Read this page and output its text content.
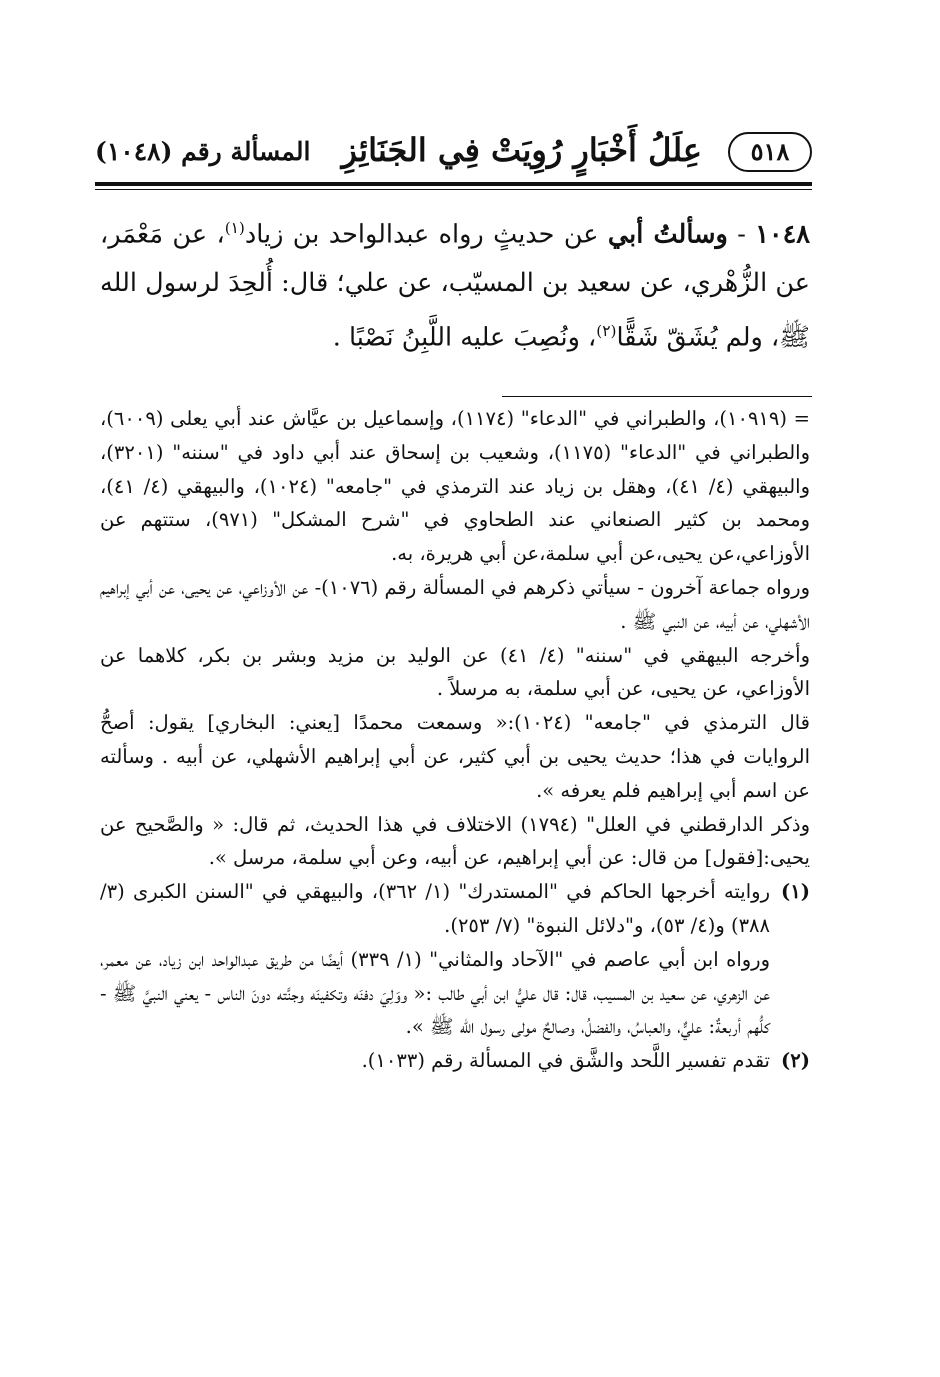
٥١٨
عِلَلُ أَخْبَارٍ رُوِيَتْ فِي الجَنَائِزِ
المسألة رقم (١٠٤٨)

١٠٤٨ - وسألتُ أبي عن حديثٍ رواه عبدالواحد بن زياد$^{(١)}$، عن مَعْمَر، عن الزُّهْري، عن سعيد بن المسيّب، عن علي؛ قال: أُلحِدَ لرسول الله ﷺ، ولم يُشَقّ شَقًّا$^{(٢)}$، ونُصِبَ عليه اللَّبِنُ نَصْبًا .

= (١٠٩١٩)، والطبراني في "الدعاء" (١١٧٤)، وإسماعيل بن عيَّاش عند أبي يعلى (٦٠٠٩)، والطبراني في "الدعاء" (١١٧٥)، وشعيب بن إسحاق عند أبي داود في "سننه" (٣٢٠١)، والبيهقي (٤/ ٤١)، وهقل بن زياد عند الترمذي في "جامعه" (١٠٢٤)، والبيهقي (٤/ ٤١)، ومحمد بن كثير الصنعاني عند الطحاوي في "شرح المشكل" (٩٧١)، ستتهم عن الأوزاعي،عن يحيى،عن أبي سلمة،عن أبي هريرة، به.

ورواه جماعة آخرون - سيأتي ذكرهم في المسألة رقم (١٠٧٦)- عن الأوزاعي، عن يحيى، عن أبي إبراهيم الأشهلي، عن أبيه، عن النبي ﷺ .

وأخرجه البيهقي في "سننه" (٤/ ٤١) عن الوليد بن مزيد وبشر بن بكر، كلاهما عن الأوزاعي، عن يحيى، عن أبي سلمة، به مرسلاً .

قال الترمذي في "جامعه" (١٠٢٤):« وسمعت محمدًا [يعني: البخاري] يقول: أصحُّ الروايات في هذا؛ حديث يحيى بن أبي كثير، عن أبي إبراهيم الأشهلي، عن أبيه . وسألته عن اسم أبي إبراهيم فلم يعرفه ».

وذكر الدارقطني في العلل" (١٧٩٤) الاختلاف في هذا الحديث، ثم قال: « والصَّحيح عن يحيى:[فقول] من قال: عن أبي إبراهيم، عن أبيه، وعن أبي سلمة، مرسل ».

(١)
روايته أخرجها الحاكم في "المستدرك" (١/ ٣٦٢)، والبيهقي في "السنن الكبرى (٣/ ٣٨٨) و(٤/ ٥٣)، و"دلائل النبوة" (٧/ ٢٥٣).

ورواه ابن أبي عاصم في "الآحاد والمثاني" (١/ ٣٣٩) أيضًا من طريق عبدالواحد ابن زياد، عن معمر، عن الزهري، عن سعيد بن المسيب، قال: قال عليُّ ابن أبي طالب :« ووَلِيَ دفنَه وتكفينَه وجنَّته دونَ الناس - يعني النبيَّ ﷺ - كلُّهم أربعةٌ: عليٌّ، والعباسُ، والفضلُ، وصالحٌ مولى رسول الله ﷺ ».

(٢)
تقدم تفسير اللَّحد والشَّق في المسألة رقم (١٠٣٣).
